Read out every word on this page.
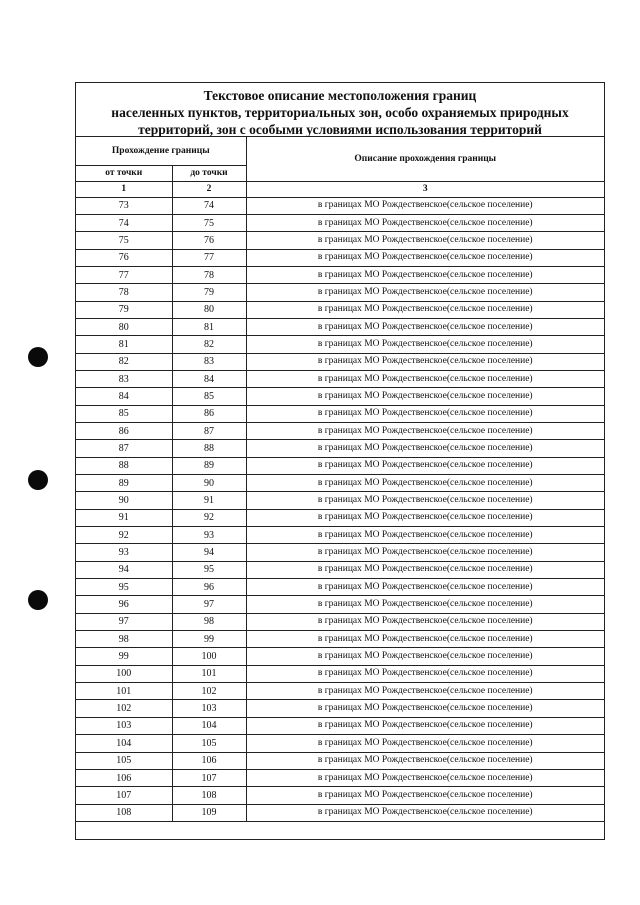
Текстовое описание местоположения границ
населенных пунктов, территориальных зон, особо охраняемых природных
территорий, зон с особыми условиями использования территорий
Прохождение границы		Описание прохождения границы
от точки	до точки	
1	2	3
73	74	в границах МО Рождественское(сельское поселение)
74	75	в границах МО Рождественское(сельское поселение)
75	76	в границах МО Рождественское(сельское поселение)
76	77	в границах МО Рождественское(сельское поселение)
77	78	в границах МО Рождественское(сельское поселение)
78	79	в границах МО Рождественское(сельское поселение)
79	80	в границах МО Рождественское(сельское поселение)
80	81	в границах МО Рождественское(сельское поселение)
81	82	в границах МО Рождественское(сельское поселение)
82	83	в границах МО Рождественское(сельское поселение)
83	84	в границах МО Рождественское(сельское поселение)
84	85	в границах МО Рождественское(сельское поселение)
85	86	в границах МО Рождественское(сельское поселение)
86	87	в границах МО Рождественское(сельское поселение)
87	88	в границах МО Рождественское(сельское поселение)
88	89	в границах МО Рождественское(сельское поселение)
89	90	в границах МО Рождественское(сельское поселение)
90	91	в границах МО Рождественское(сельское поселение)
91	92	в границах МО Рождественское(сельское поселение)
92	93	в границах МО Рождественское(сельское поселение)
93	94	в границах МО Рождественское(сельское поселение)
94	95	в границах МО Рождественское(сельское поселение)
95	96	в границах МО Рождественское(сельское поселение)
96	97	в границах МО Рождественское(сельское поселение)
97	98	в границах МО Рождественское(сельское поселение)
98	99	в границах МО Рождественское(сельское поселение)
99	100	в границах МО Рождественское(сельское поселение)
100	101	в границах МО Рождественское(сельское поселение)
101	102	в границах МО Рождественское(сельское поселение)
102	103	в границах МО Рождественское(сельское поселение)
103	104	в границах МО Рождественское(сельское поселение)
104	105	в границах МО Рождественское(сельское поселение)
105	106	в границах МО Рождественское(сельское поселение)
106	107	в границах МО Рождественское(сельское поселение)
107	108	в границах МО Рождественское(сельское поселение)
108	109	в границах МО Рождественское(сельское поселение)
